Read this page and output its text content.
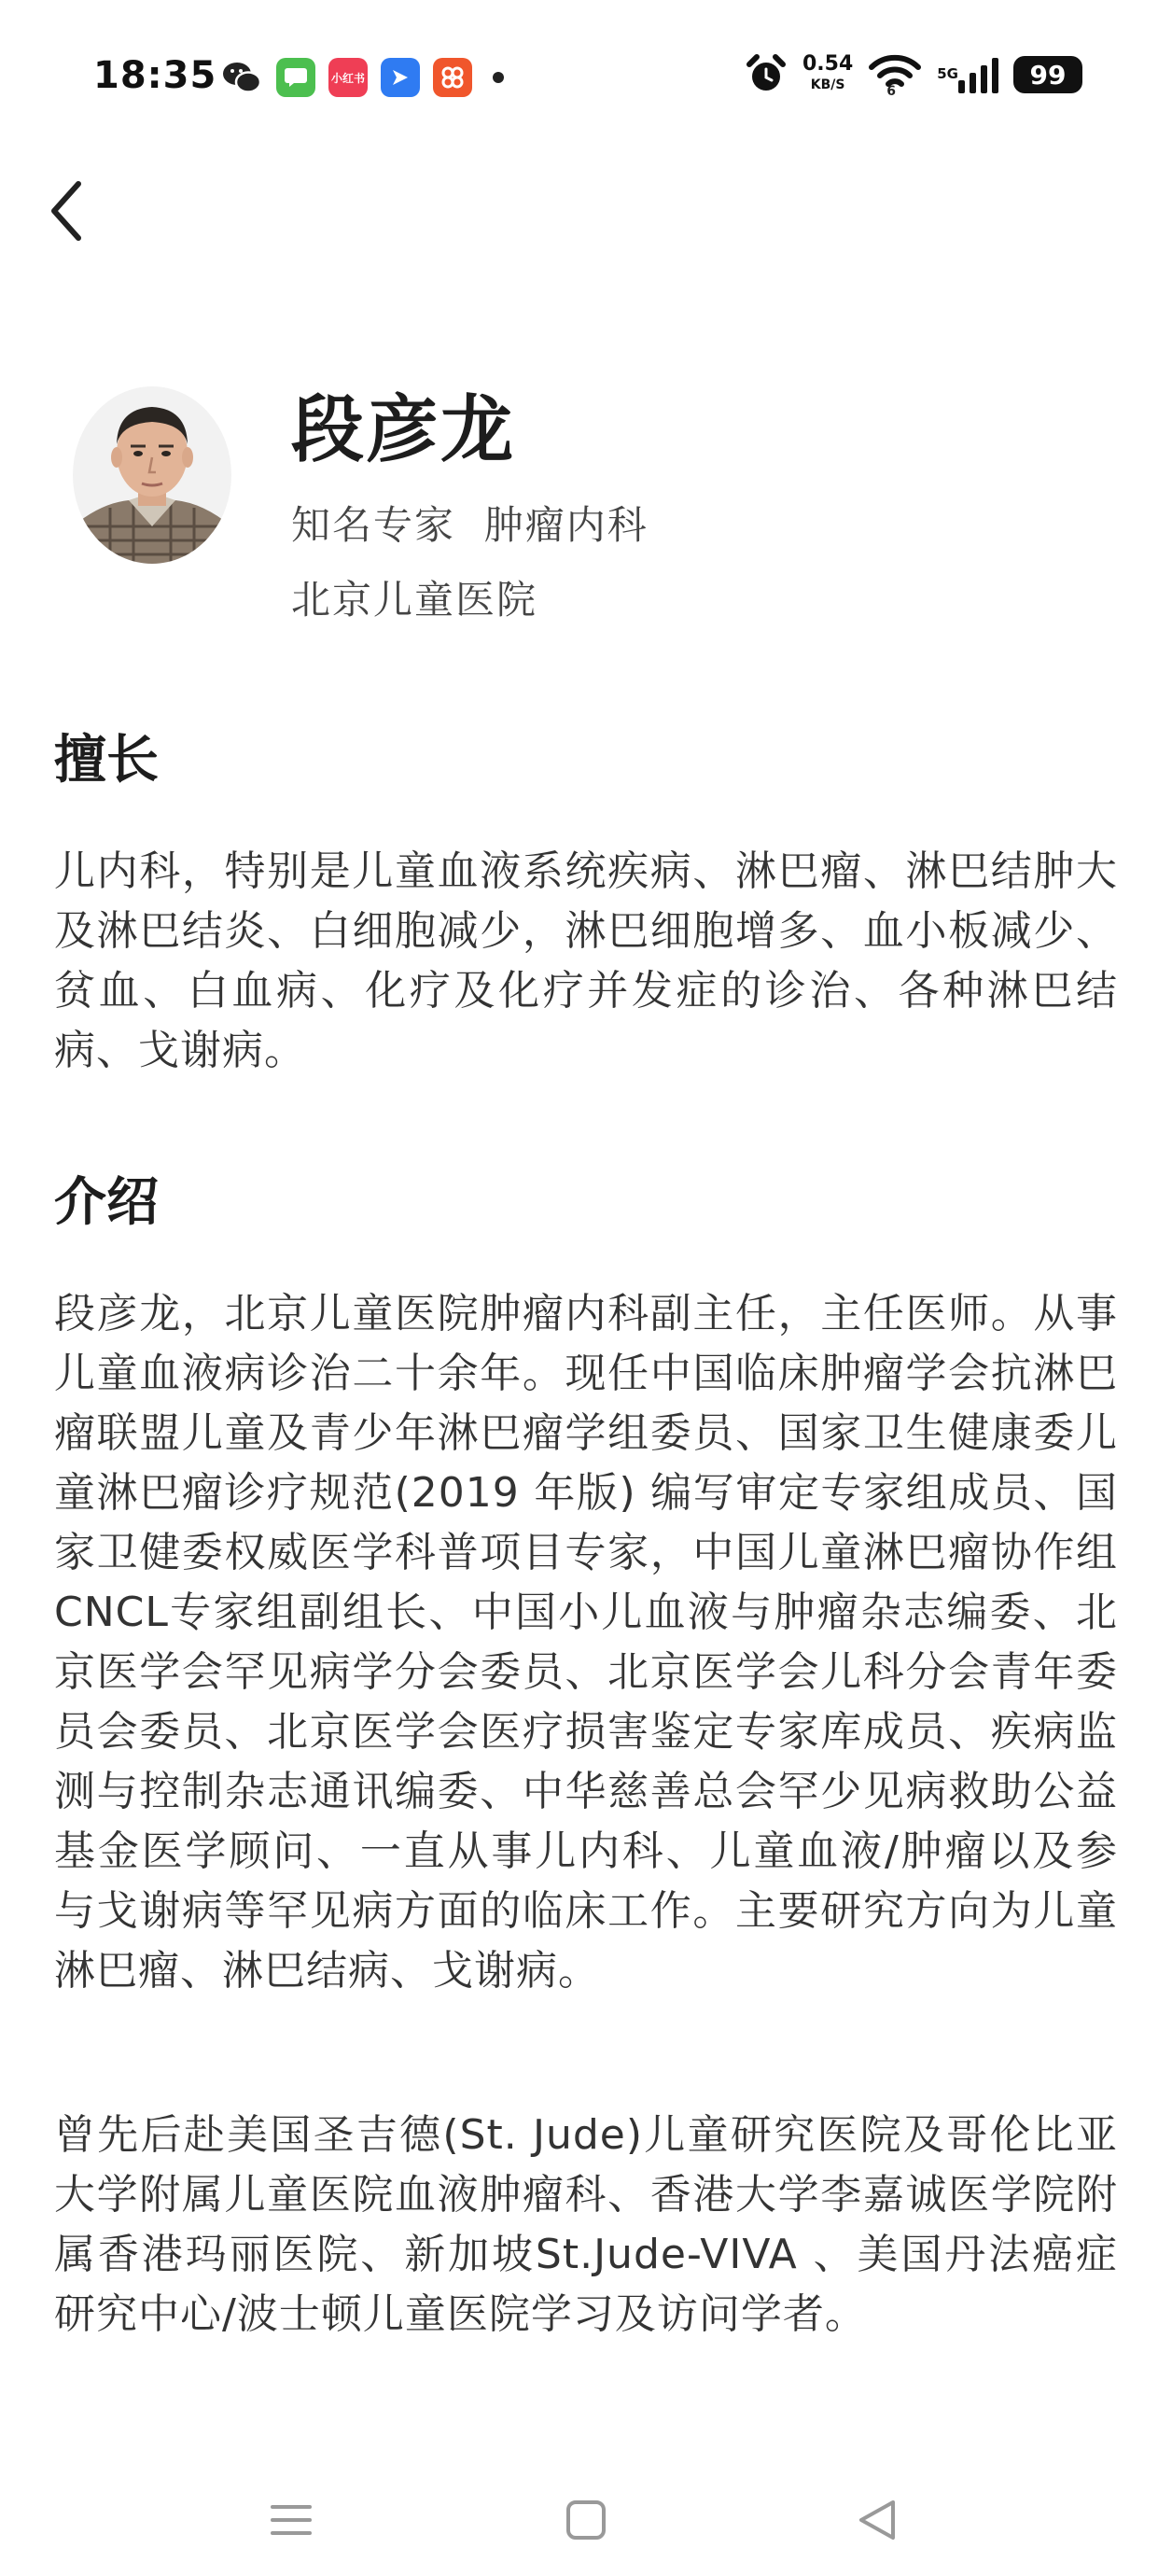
18:35	小红书
0.54
KB/S	6
5G	99
段彦龙
知名专家  肿瘤内科
北京儿童医院
擅长
儿内科，特别是儿童血液系统疾病、淋巴瘤、淋巴结肿大及淋巴结炎、白细胞减少，淋巴细胞增多、血小板减少、贫血、白血病、化疗及化疗并发症的诊治、各种淋巴结病、戈谢病。
介绍
段彦龙，北京儿童医院肿瘤内科副主任，主任医师。从事儿童血液病诊治二十余年。现任中国临床肿瘤学会抗淋巴瘤联盟儿童及青少年淋巴瘤学组委员、国家卫生健康委儿童淋巴瘤诊疗规范(2019 年版) 编写审定专家组成员、国家卫健委权威医学科普项目专家，中国儿童淋巴瘤协作组CNCL专家组副组长、中国小儿血液与肿瘤杂志编委、北京医学会罕见病学分会委员、北京医学会儿科分会青年委员会委员、北京医学会医疗损害鉴定专家库成员、疾病监测与控制杂志通讯编委、中华慈善总会罕少见病救助公益基金医学顾问、一直从事儿内科、儿童血液/肿瘤以及参与戈谢病等罕见病方面的临床工作。主要研究方向为儿童淋巴瘤、淋巴结病、戈谢病。
曾先后赴美国圣吉德(St. Jude)儿童研究医院及哥伦比亚大学附属儿童医院血液肿瘤科、香港大学李嘉诚医学院附属香港玛丽医院、新加坡St.Jude-VIVA 、美国丹法癌症研究中心/波士顿儿童医院学习及访问学者。
